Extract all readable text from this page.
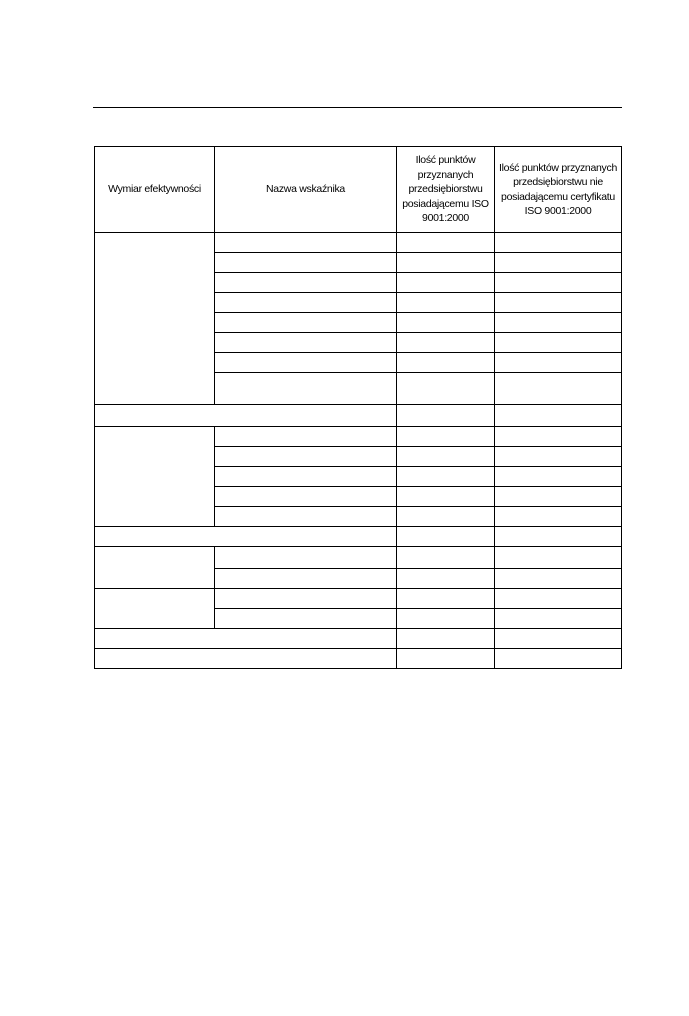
Wymiar efektywności	Nazwa wskaźnika	Ilość punktów przyznanych przedsiębiorstwu posiadającemu ISO 9001:2000	Ilość punktów przyznanych przedsiębiorstwu nie posiadającemu certyfikatu ISO 9001:2000
